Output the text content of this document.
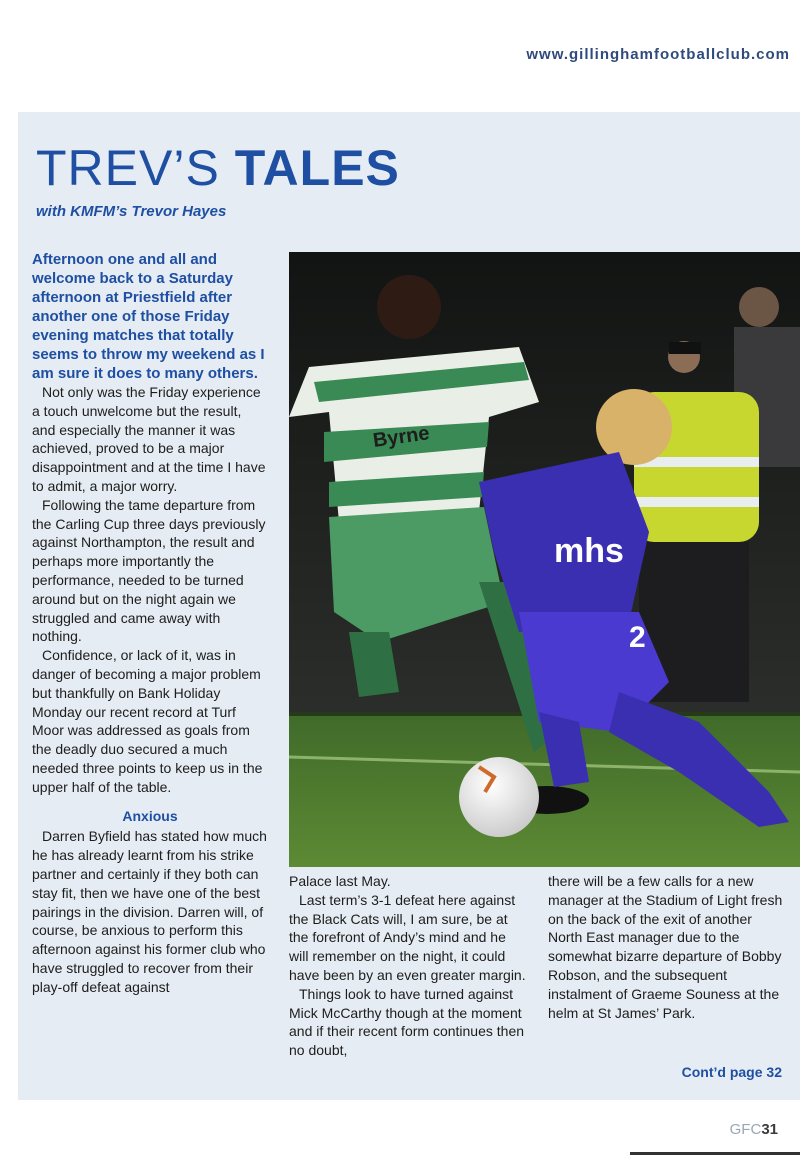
www.gillinghamfootballclub.com
TREV’S TALES
with KMFM’s Trevor Hayes

Afternoon one and all and welcome back to a Saturday afternoon at Priestfield after another one of those Friday evening matches that totally seems to throw my weekend as I am sure it does to many others.

Not only was the Friday experience a touch unwelcome but the result, and especially the manner it was achieved, proved to be a major disappointment and at the time I have to admit, a major worry.

Following the tame departure from the Carling Cup three days previously against Northampton, the result and perhaps more importantly the performance, needed to be turned around but on the night again we struggled and came away with nothing.

Confidence, or lack of it, was in danger of becoming a major problem but thankfully on Bank Holiday Monday our recent record at Turf Moor was addressed as goals from the deadly duo secured a much needed three points to keep us in the upper half of the table.

Anxious

Darren Byfield has stated how much he has already learnt from his strike partner and certainly if they both can stay fit, then we have one of the best pairings in the division. Darren will, of course, be anxious to perform this afternoon against his former club who have struggled to recover from their play-off defeat against

mhs
2
Byrne

Palace last May.

Last term’s 3-1 defeat here against the Black Cats will, I am sure, be at the forefront of Andy’s mind and he will remember on the night, it could have been by an even greater margin.

Things look to have turned against Mick McCarthy though at the moment and if their recent form continues then no doubt,

there will be a few calls for a new manager at the Stadium of Light fresh on the back of the exit of another North East manager due to the somewhat bizarre departure of Bobby Robson, and the subsequent instalment of Graeme Souness at the helm at St James’ Park.

Cont’d page 32
GFC31
